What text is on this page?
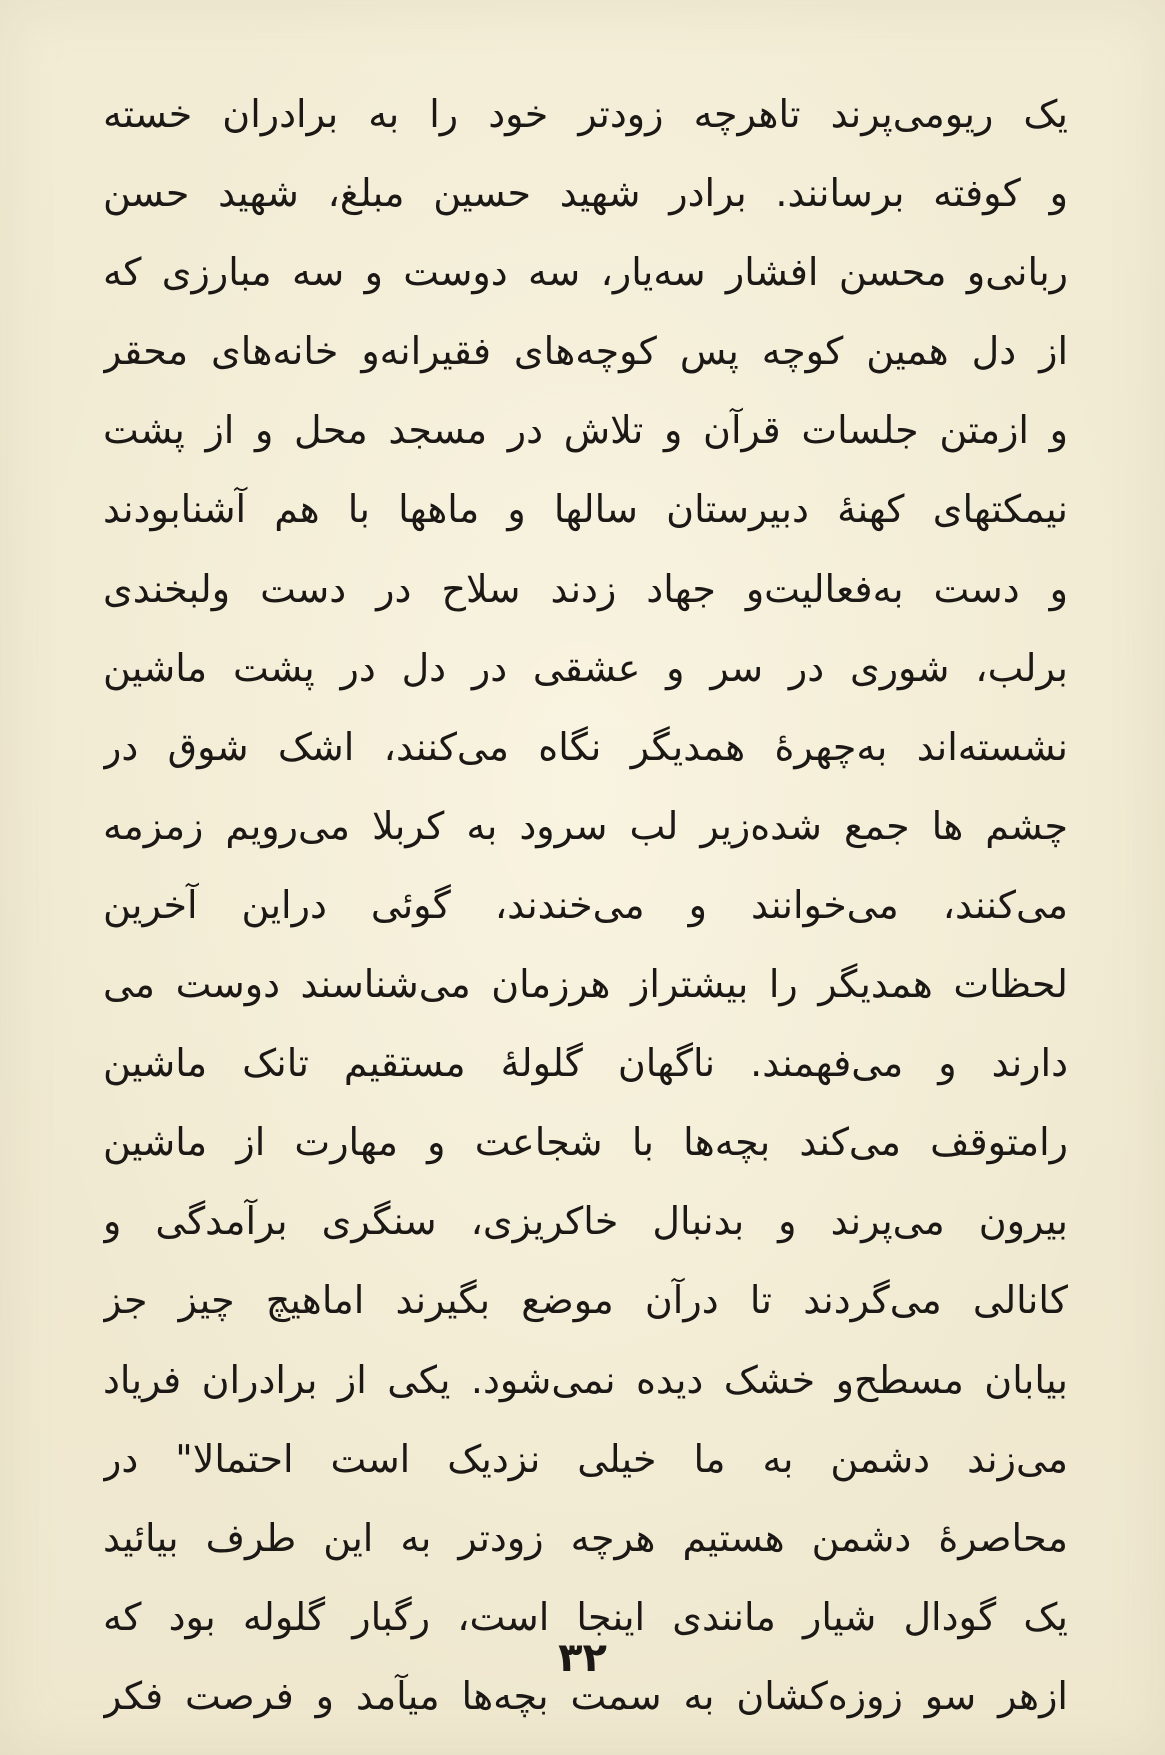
یک ریومی‌پرند تاهرچه زودتر خود را به برادران خسته
و کوفته برسانند. برادر شهید حسین مبلغ، شهید حسن
ربانی‌و محسن افشار سه‌یار، سه دوست و سه مبارزی که
از دل همین کوچه پس کوچه‌های فقیرانه‌و خانه‌های محقر
و ازمتن جلسات قرآن و تلاش در مسجد محل و از پشت
نیمکتهای کهنهٔ دبیرستان سالها و ماهها با هم آشنابودند
و دست به‌فعالیت‌و جهاد زدند سلاح در دست ولبخندی
برلب، شوری در سر و عشقی در دل در پشت ماشین
نشسته‌اند به‌چهرهٔ همدیگر نگاه می‌کنند، اشک شوق در
چشم ها جمع شده‌زیر لب سرود به کربلا می‌رویم زمزمه
می‌کنند، می‌خوانند و می‌خندند، گوئی دراین آخرین
لحظات همدیگر را بیشتراز هرزمان می‌شناسند دوست می
دارند و می‌فهمند. ناگهان گلولهٔ مستقیم تانک ماشین
رامتوقف می‌کند بچه‌ها با شجاعت و مهارت از ماشین
بیرون می‌پرند و بدنبال خاکریزی، سنگری برآمدگی و
کانالی می‌گردند تا درآن موضع بگیرند اماهیچ چیز جز
بیابان مسطح‌و خشک دیده نمی‌شود. یکی از برادران فریاد
می‌زند دشمن به ما خیلی نزدیک است احتمالا" در
محاصرهٔ دشمن هستیم هرچه زودتر به این طرف بیائید
یک گودال شیار مانندی اینجا است، رگبار گلوله بود که
ازهر سو زوزه‌کشان به سمت بچه‌ها میآمد و فرصت فکر
۳۲
